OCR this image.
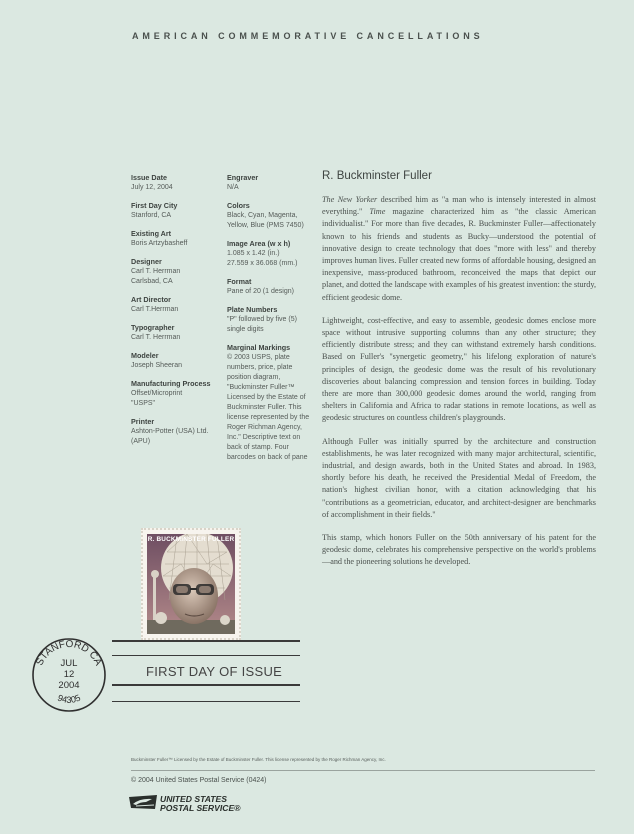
AMERICAN COMMEMORATIVE CANCELLATIONS
Issue Date
July 12, 2004
First Day City
Stanford, CA
Existing Art
Boris Artzybasheff
Designer
Carl T. Herrman
Carlsbad, CA
Art Director
Carl T.Herrman
Typographer
Carl T. Herrman
Modeler
Joseph Sheeran
Manufacturing Process
Offset/Microprint
"USPS"
Printer
Ashton-Potter (USA) Ltd.
(APU)
Engraver
N/A
Colors
Black, Cyan, Magenta,
Yellow, Blue (PMS 7450)
Image Area (w x h)
1.085 x 1.42 (in.)
27.559 x 36.068 (mm.)
Format
Pane of 20 (1 design)
Plate Numbers
"P" followed by five (5)
single digits
Marginal Markings
© 2003 USPS, plate
numbers, price, plate
position diagram,
"Buckminster Fuller™
Licensed by the Estate of
Buckminster Fuller. This
license represented by the
Roger Richman Agency,
Inc." Descriptive text on
back of stamp. Four
barcodes on back of pane
R. Buckminster Fuller

The New Yorker described him as "a man who is intensely interested in almost everything." Time magazine characterized him as "the classic American individualist." For more than five decades, R. Buckminster Fuller—affectionately known to his friends and students as Bucky—understood the potential of innovative design to create technology that does "more with less" and thereby improves human lives. Fuller created new forms of affordable housing, designed an inexpensive, mass-produced bathroom, reconceived the maps that depict our planet, and dotted the landscape with examples of his greatest invention: the sturdy, efficient geodesic dome.

Lightweight, cost-effective, and easy to assemble, geodesic domes enclose more space without intrusive supporting columns than any other structure; they efficiently distribute stress; and they can withstand extremely harsh conditions. Based on Fuller's "synergetic geometry," his lifelong exploration of nature's principles of design, the geodesic dome was the result of his revolutionary discoveries about balancing compression and tension forces in building. Today there are more than 300,000 geodesic domes around the world, ranging from shelters in California and Africa to radar stations in remote locations, as well as geodesic structures on countless children's playgrounds.

Although Fuller was initially spurred by the architecture and construction establishments, he was later recognized with many major architectural, scientific, industrial, and design awards, both in the United States and abroad. In 1983, shortly before his death, he received the Presidential Medal of Freedom, the nation's highest civilian honor, with a citation acknowledging that his "contributions as a geometrician, educator, and architect-designer are benchmarks of accomplishment in their fields."

This stamp, which honors Fuller on the 50th anniversary of his patent for the geodesic dome, celebrates his comprehensive perspective on the world's problems—and the pioneering solutions he developed.

R. BUCKMINSTER FULLER
STANFORD CA
JUL
12
2004
94305
FIRST DAY OF ISSUE
Buckminster Fuller™ Licensed by the Estate of Buckminster Fuller. This license represented by the Roger Richman Agency, Inc.
© 2004 United States Postal Service (0424)
UNITED STATES
POSTAL SERVICE®
